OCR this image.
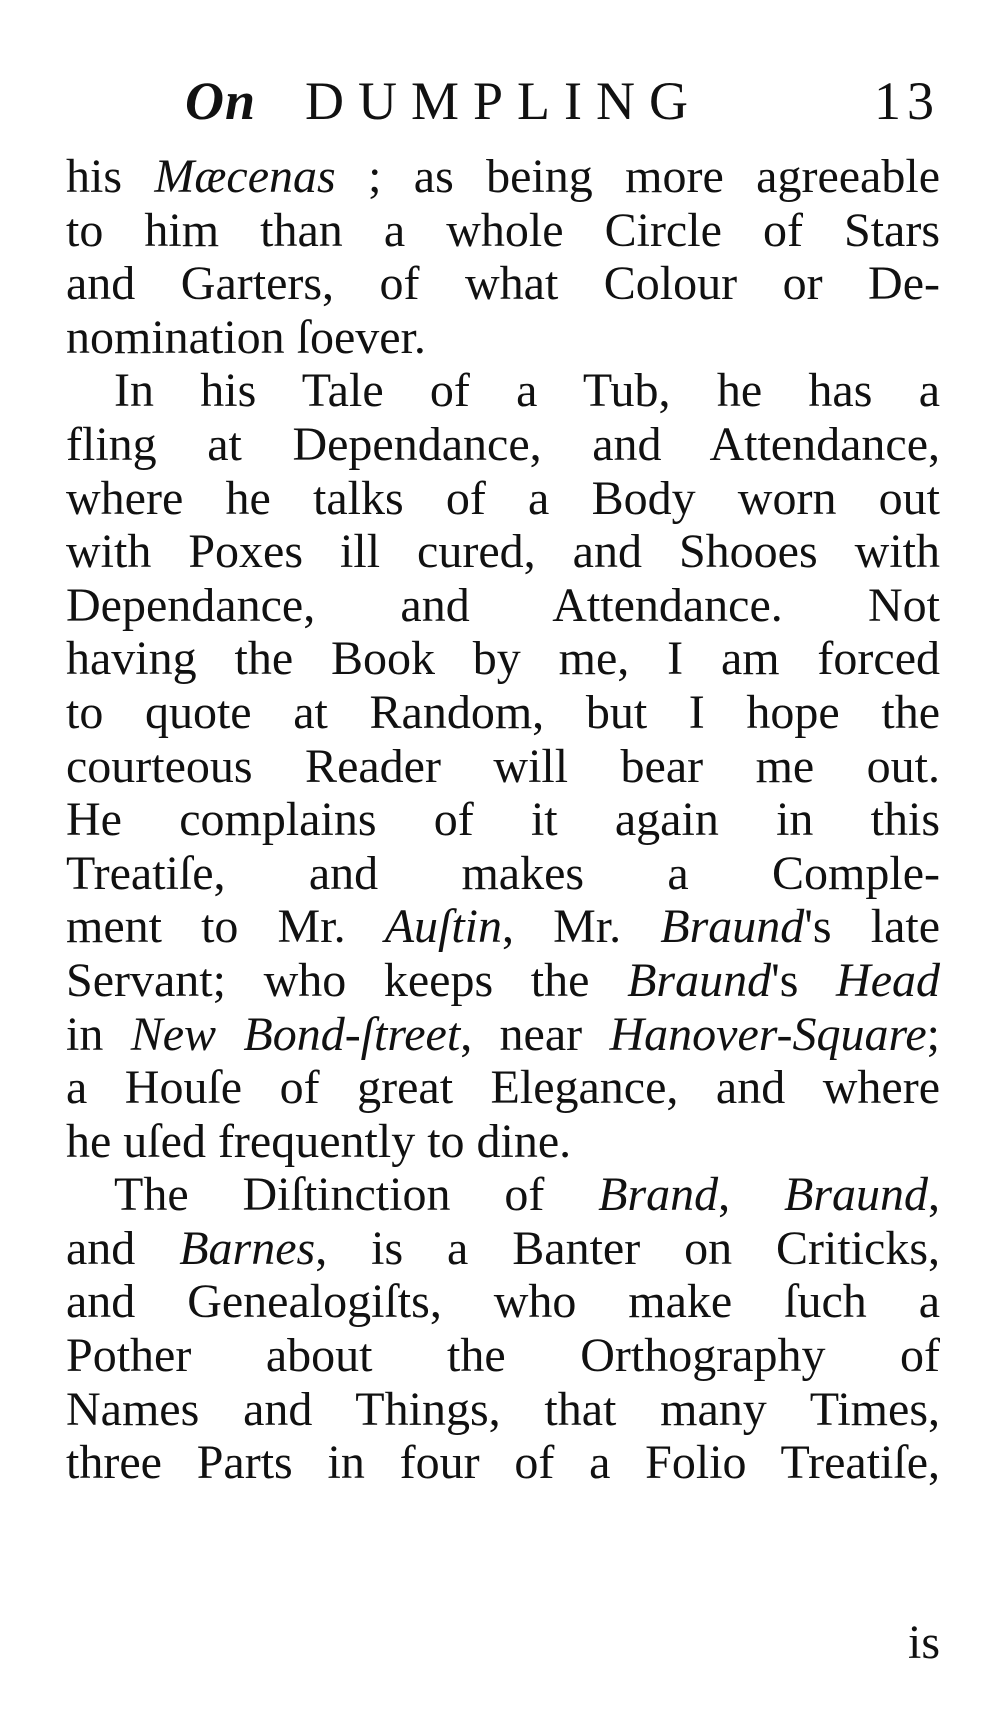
On DUMPLING	13
his Mæcenas ; as being more agreeable
to him than a whole Circle of Stars
and Garters, of what Colour or De-
nomination ſoever.
In his Tale of a Tub, he has a
fling at Dependance, and Attendance,
where he talks of a Body worn out
with Poxes ill cured, and Shooes with
Dependance, and Attendance. Not
having the Book by me, I am forced
to quote at Random, but I hope the
courteous Reader will bear me out.
He complains of it again in this
Treatiſe, and makes a Comple-
ment to Mr. Auſtin, Mr. Braund's late
Servant; who keeps the Braund's Head
in New Bond-ſtreet, near Hanover-Square;
a Houſe of great Elegance, and where
he uſed frequently to dine.
The Diſtinction of Brand, Braund,
and Barnes, is a Banter on Criticks,
and Genealogiſts, who make ſuch a
Pother about the Orthography of
Names and Things, that many Times,
three Parts in four of a Folio Treatiſe,
is
